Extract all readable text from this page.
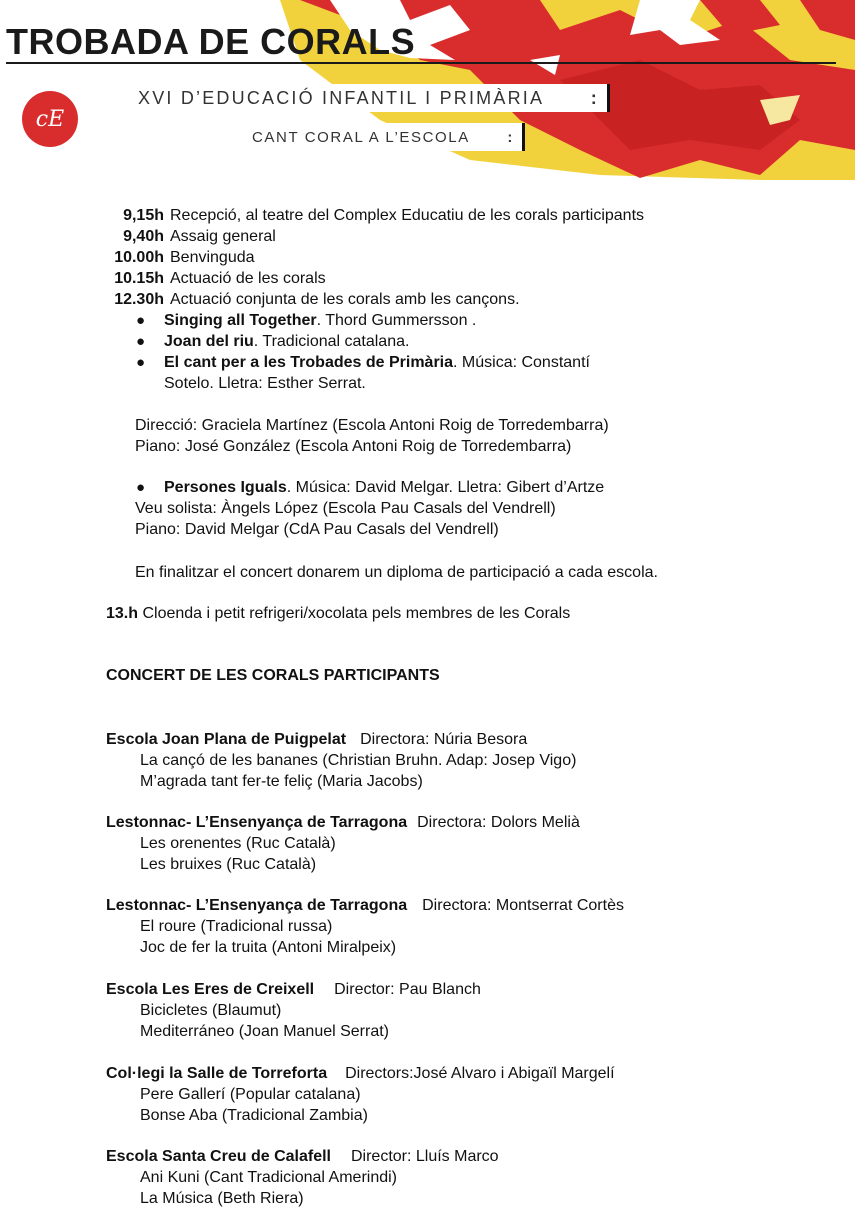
TROBADA DE CORALS
cE
XVI D’EDUCACIÓ INFANTIL I PRIMÀRIA	:
CANT CORAL A L’ESCOLA	:
9,15h Recepció, al teatre del Complex Educatiu de les corals participants
9,40h Assaig general
10.00h Benvinguda
10.15h Actuació de les corals
12.30h Actuació conjunta de les corals amb les cançons.
● Singing all Together. Thord Gummersson .
● Joan del riu. Tradicional catalana.
● El cant per a les Trobades de Primària. Música: Constantí
Sotelo. Lletra: Esther Serrat.
Direcció: Graciela Martínez (Escola Antoni Roig de Torredembarra)
Piano: José González (Escola Antoni Roig de Torredembarra)
● Persones Iguals. Música: David Melgar. Lletra: Gibert d’Artze
Veu solista: Àngels López (Escola Pau Casals del Vendrell)
Piano: David Melgar (CdA Pau Casals del Vendrell)
En finalitzar el concert donarem un diploma de participació a cada escola.
13.h Cloenda i petit refrigeri/xocolata pels membres de les Corals
CONCERT DE LES CORALS PARTICIPANTS
Escola Joan Plana de Puigpelat Directora: Núria Besora
La cançó de les bananes (Christian Bruhn. Adap: Josep Vigo)
M’agrada tant fer-te feliç (Maria Jacobs)
Lestonnac- L’Ensenyança de Tarragona Directora: Dolors Melià
Les orenentes (Ruc Català)
Les bruixes (Ruc Català)
Lestonnac- L’Ensenyança de Tarragona Directora: Montserrat Cortès
El roure (Tradicional russa)
Joc de fer la truita (Antoni Miralpeix)
Escola Les Eres de Creixell Director: Pau Blanch
Bicicletes (Blaumut)
Mediterráneo (Joan Manuel Serrat)
Col·legi la Salle de Torreforta Directors:José Alvaro i Abigaïl Margelí
Pere Gallerí (Popular catalana)
Bonse Aba (Tradicional Zambia)
Escola Santa Creu de Calafell Director: Lluís Marco
Ani Kuni (Cant Tradicional Amerindi)
La Música (Beth Riera)
